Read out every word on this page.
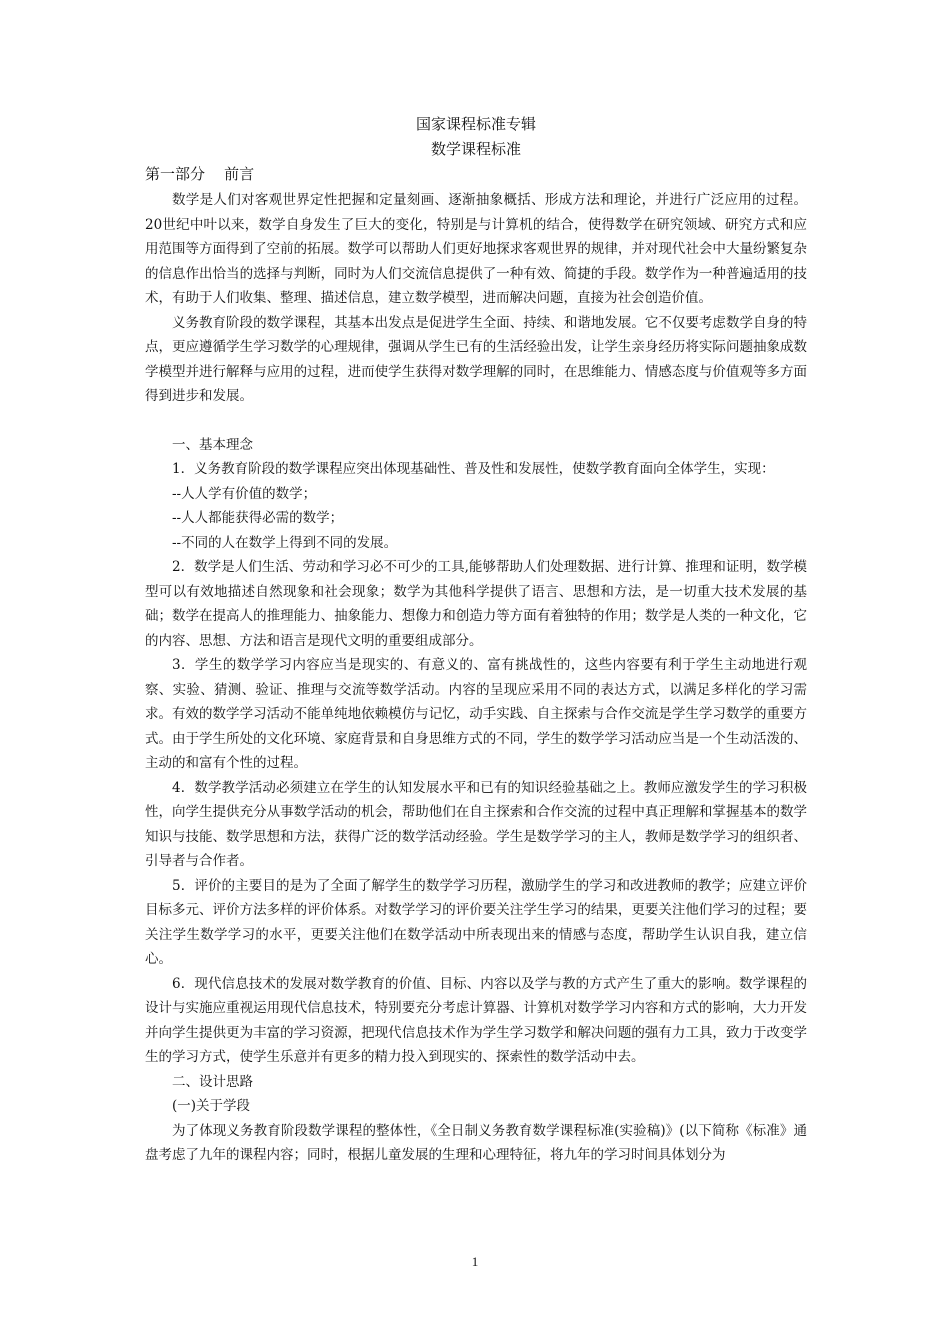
国家课程标准专辑

数学课程标准

第一部分    前言

数学是人们对客观世界定性把握和定量刻画、逐渐抽象概括、形成方法和理论，并进行广泛应用的过程。20世纪中叶以来，数学自身发生了巨大的变化，特别是与计算机的结合，使得数学在研究领域、研究方式和应用范围等方面得到了空前的拓展。数学可以帮助人们更好地探求客观世界的规律，并对现代社会中大量纷繁复杂的信息作出恰当的选择与判断，同时为人们交流信息提供了一种有效、简捷的手段。数学作为一种普遍适用的技术，有助于人们收集、整理、描述信息，建立数学模型，进而解决问题，直接为社会创造价值。

义务教育阶段的数学课程，其基本出发点是促进学生全面、持续、和谐地发展。它不仅要考虑数学自身的特点，更应遵循学生学习数学的心理规律，强调从学生已有的生活经验出发，让学生亲身经历将实际问题抽象成数学模型并进行解释与应用的过程，进而使学生获得对数学理解的同时，在思维能力、情感态度与价值观等多方面得到进步和发展。

一、基本理念

1．义务教育阶段的数学课程应突出体现基础性、普及性和发展性，使数学教育面向全体学生，实现：

--人人学有价值的数学；

--人人都能获得必需的数学；

--不同的人在数学上得到不同的发展。

2．数学是人们生活、劳动和学习必不可少的工具,能够帮助人们处理数据、进行计算、推理和证明，数学模型可以有效地描述自然现象和社会现象；数学为其他科学提供了语言、思想和方法，是一切重大技术发展的基础；数学在提高人的推理能力、抽象能力、想像力和创造力等方面有着独特的作用；数学是人类的一种文化，它的内容、思想、方法和语言是现代文明的重要组成部分。

3．学生的数学学习内容应当是现实的、有意义的、富有挑战性的，这些内容要有利于学生主动地进行观察、实验、猜测、验证、推理与交流等数学活动。内容的呈现应采用不同的表达方式，以满足多样化的学习需求。有效的数学学习活动不能单纯地依赖模仿与记忆，动手实践、自主探索与合作交流是学生学习数学的重要方式。由于学生所处的文化环境、家庭背景和自身思维方式的不同，学生的数学学习活动应当是一个生动活泼的、主动的和富有个性的过程。

4．数学教学活动必须建立在学生的认知发展水平和已有的知识经验基础之上。教师应激发学生的学习积极性，向学生提供充分从事数学活动的机会，帮助他们在自主探索和合作交流的过程中真正理解和掌握基本的数学知识与技能、数学思想和方法，获得广泛的数学活动经验。学生是数学学习的主人，教师是数学学习的组织者、引导者与合作者。

5．评价的主要目的是为了全面了解学生的数学学习历程，激励学生的学习和改进教师的教学；应建立评价目标多元、评价方法多样的评价体系。对数学学习的评价要关注学生学习的结果，更要关注他们学习的过程；要关注学生数学学习的水平，更要关注他们在数学活动中所表现出来的情感与态度，帮助学生认识自我，建立信心。

6．现代信息技术的发展对数学教育的价值、目标、内容以及学与教的方式产生了重大的影响。数学课程的设计与实施应重视运用现代信息技术，特别要充分考虑计算器、计算机对数学学习内容和方式的影响，大力开发并向学生提供更为丰富的学习资源，把现代信息技术作为学生学习数学和解决问题的强有力工具，致力于改变学生的学习方式，使学生乐意并有更多的精力投入到现实的、探索性的数学活动中去。

二、设计思路

(一)关于学段

为了体现义务教育阶段数学课程的整体性，《全日制义务教育数学课程标准(实验稿)》(以下简称《标准》通盘考虑了九年的课程内容；同时，根据儿童发展的生理和心理特征，将九年的学习时间具体划分为

1
